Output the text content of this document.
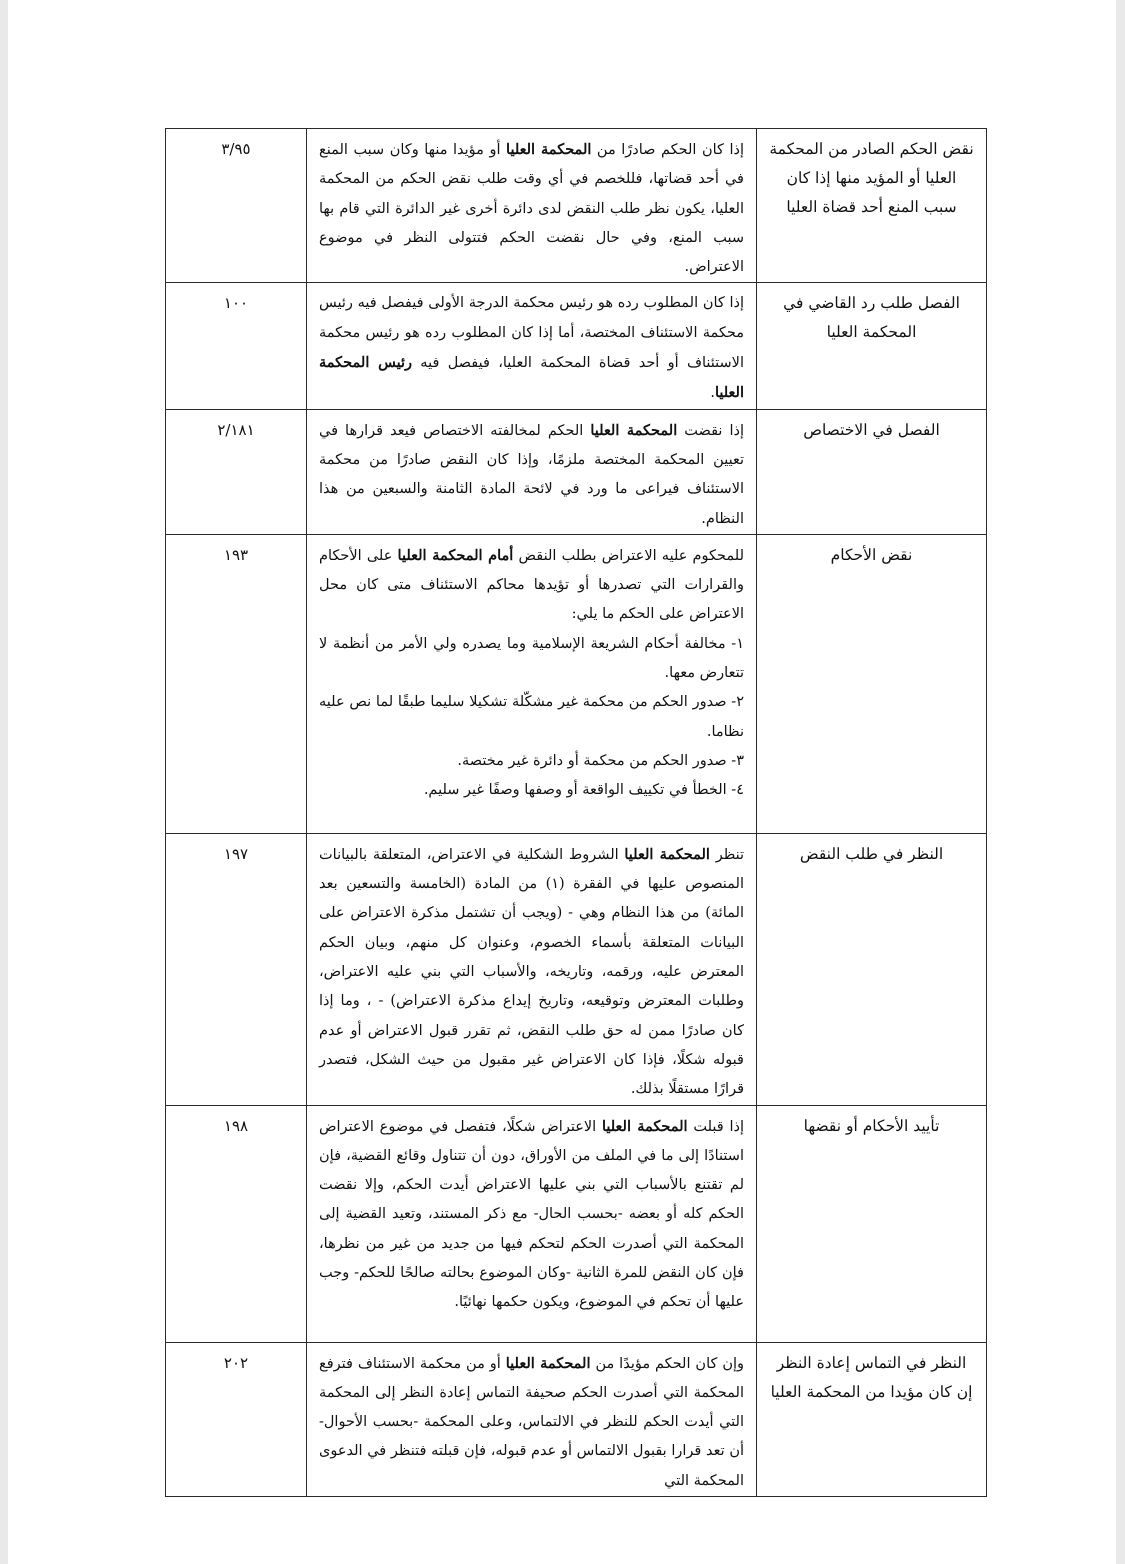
نقض الحكم الصادر من المحكمة العليا أو المؤيد منها إذا كان سبب المنع أحد قضاة العليا	إذا كان الحكم صادرًا من المحكمة العليا أو مؤيدا منها وكان سبب المنع في أحد قضاتها، فللخصم في أي وقت طلب نقض الحكم من المحكمة العليا، يكون نظر طلب النقض لدى دائرة أخرى غير الدائرة التي قام بها سبب المنع، وفي حال نقضت الحكم فتتولى النظر في موضوع الاعتراض.	٣/٩٥
الفصل طلب رد القاضي في المحكمة العليا	إذا كان المطلوب رده هو رئيس محكمة الدرجة الأولى فيفصل فيه رئيس محكمة الاستئناف المختصة، أما إذا كان المطلوب رده هو رئيس محكمة الاستئناف أو أحد قضاة المحكمة العليا، فيفصل فيه رئيس المحكمة العليا.	١٠٠
الفصل في الاختصاص	إذا نقضت المحكمة العليا الحكم لمخالفته الاختصاص فيعد قرارها في تعيين المحكمة المختصة ملزمًا، وإذا كان النقض صادرًا من محكمة الاستئناف فيراعى ما ورد في لائحة المادة الثامنة والسبعين من هذا النظام.	٢/١٨١
نقض الأحكام	للمحكوم عليه الاعتراض بطلب النقض أمام المحكمة العليا على الأحكام والقرارات التي تصدرها أو تؤيدها محاكم الاستئناف متى كان محل الاعتراض على الحكم ما يلي:
١- مخالفة أحكام الشريعة الإسلامية وما يصدره ولي الأمر من أنظمة لا تتعارض معها.
٢- صدور الحكم من محكمة غير مشكّلة تشكيلا سليما طبقًا لما نص عليه نظاما.
٣- صدور الحكم من محكمة أو دائرة غير مختصة.
٤- الخطأ في تكييف الواقعة أو وصفها وصفًا غير سليم.	١٩٣
النظر في طلب النقض	تنظر المحكمة العليا الشروط الشكلية في الاعتراض، المتعلقة بالبيانات المنصوص عليها في الفقرة (١) من المادة (الخامسة والتسعين بعد المائة) من هذا النظام وهي - (ويجب أن تشتمل مذكرة الاعتراض على البيانات المتعلقة بأسماء الخصوم، وعنوان كل منهم، وبيان الحكم المعترض عليه، ورقمه، وتاريخه، والأسباب التي بني عليه الاعتراض، وطلبات المعترض وتوقيعه، وتاريخ إيداع مذكرة الاعتراض) - ، وما إذا كان صادرًا ممن له حق طلب النقض، ثم تقرر قبول الاعتراض أو عدم قبوله شكلًا، فإذا كان الاعتراض غير مقبول من حيث الشكل، فتصدر قرارًا مستقلًا بذلك.	١٩٧
تأييد الأحكام أو نقضها	إذا قبلت المحكمة العليا الاعتراض شكلًا، فتفصل في موضوع الاعتراض استنادًا إلى ما في الملف من الأوراق، دون أن تتناول وقائع القضية، فإن لم تقتنع بالأسباب التي بني عليها الاعتراض أيدت الحكم، وإلا نقضت الحكم كله أو بعضه -بحسب الحال- مع ذكر المستند، وتعيد القضية إلى المحكمة التي أصدرت الحكم لتحكم فيها من جديد من غير من نظرها، فإن كان النقض للمرة الثانية -وكان الموضوع بحالته صالحًا للحكم- وجب عليها أن تحكم في الموضوع، ويكون حكمها نهائيًا.	١٩٨
النظر في التماس إعادة النظر إن كان مؤيدا من المحكمة العليا	وإن كان الحكم مؤيدًا من المحكمة العليا أو من محكمة الاستئناف فترفع المحكمة التي أصدرت الحكم صحيفة التماس إعادة النظر إلى المحكمة التي أيدت الحكم للنظر في الالتماس، وعلى المحكمة -بحسب الأحوال- أن تعد قرارا بقبول الالتماس أو عدم قبوله، فإن قبلته فتنظر في الدعوى المحكمة التي	٢٠٢
